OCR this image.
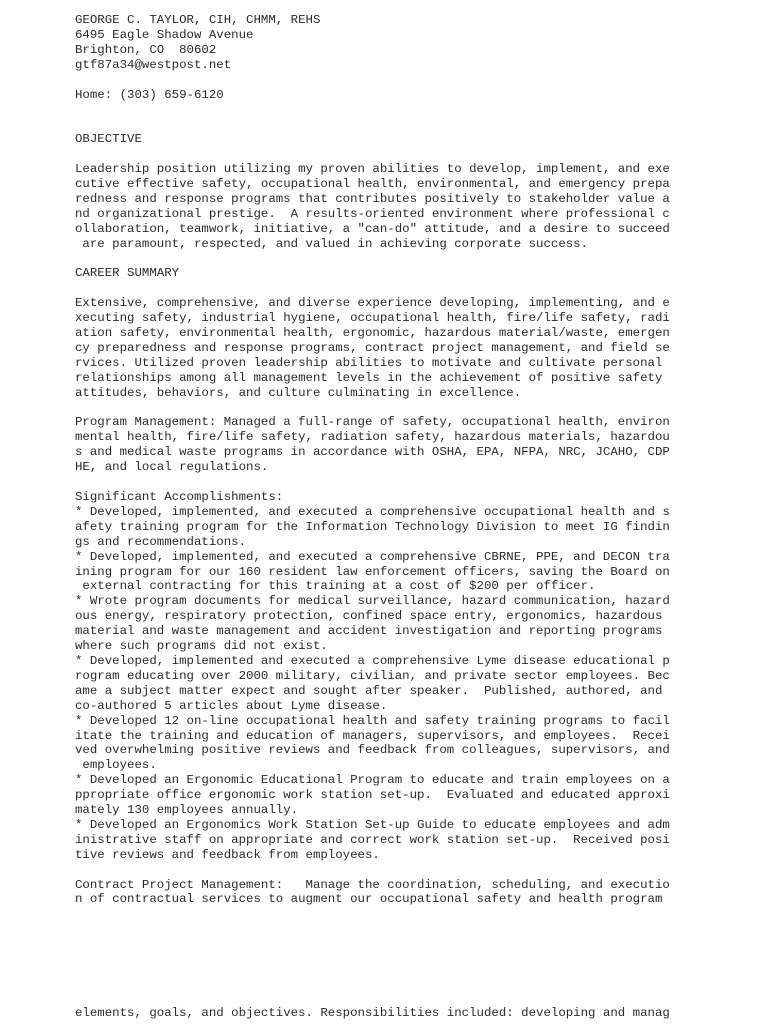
GEORGE C. TAYLOR, CIH, CHMM, REHS
6495 Eagle Shadow Avenue
Brighton, CO  80602
gtf87a34@westpost.net

Home: (303) 659-6120

OBJECTIVE

Leadership position utilizing my proven abilities to develop, implement, and exe
cutive effective safety, occupational health, environmental, and emergency prepa
redness and response programs that contributes positively to stakeholder value a
nd organizational prestige.  A results-oriented environment where professional c
ollaboration, teamwork, initiative, a "can-do" attitude, and a desire to succeed
are paramount, respected, and valued in achieving corporate success.

CAREER SUMMARY

Extensive, comprehensive, and diverse experience developing, implementing, and e
xecuting safety, industrial hygiene, occupational health, fire/life safety, radi
ation safety, environmental health, ergonomic, hazardous material/waste, emergen
cy preparedness and response programs, contract project management, and field se
rvices. Utilized proven leadership abilities to motivate and cultivate personal
relationships among all management levels in the achievement of positive safety
attitudes, behaviors, and culture culminating in excellence.

Program Management: Managed a full-range of safety, occupational health, environ
mental health, fire/life safety, radiation safety, hazardous materials, hazardou
s and medical waste programs in accordance with OSHA, EPA, NFPA, NRC, JCAHO, CDP
HE, and local regulations.

Significant Accomplishments:
* Developed, implemented, and executed a comprehensive occupational health and s
afety training program for the Information Technology Division to meet IG findin
gs and recommendations.
* Developed, implemented, and executed a comprehensive CBRNE, PPE, and DECON tra
ining program for our 160 resident law enforcement officers, saving the Board on
external contracting for this training at a cost of $200 per officer.
* Wrote program documents for medical surveillance, hazard communication, hazard
ous energy, respiratory protection, confined space entry, ergonomics, hazardous
material and waste management and accident investigation and reporting programs
where such programs did not exist.
* Developed, implemented and executed a comprehensive Lyme disease educational p
rogram educating over 2000 military, civilian, and private sector employees. Bec
ame a subject matter expect and sought after speaker.  Published, authored, and
co-authored 5 articles about Lyme disease.
* Developed 12 on-line occupational health and safety training programs to facil
itate the training and education of managers, supervisors, and employees.  Recei
ved overwhelming positive reviews and feedback from colleagues, supervisors, and
employees.
* Developed an Ergonomic Educational Program to educate and train employees on a
ppropriate office ergonomic work station set-up.  Evaluated and educated approxi
mately 130 employees annually.
* Developed an Ergonomics Work Station Set-up Guide to educate employees and adm
inistrative staff on appropriate and correct work station set-up.  Received posi
tive reviews and feedback from employees.

Contract Project Management:   Manage the coordination, scheduling, and executio
n of contractual services to augment our occupational safety and health program
elements, goals, and objectives. Responsibilities included: developing and manag
